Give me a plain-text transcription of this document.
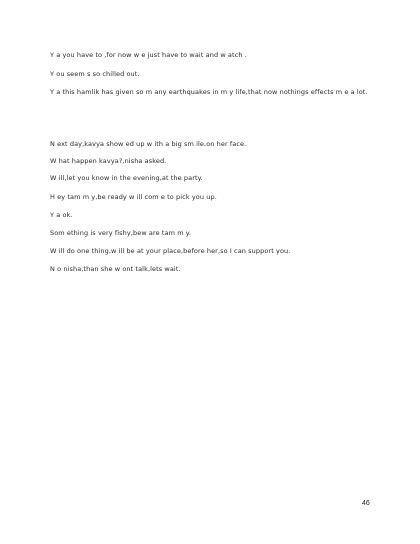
Y a you have to ,for now w e just have to wait and w atch .
Y ou seem s so chilled out.
Y a this hamlik has given so m any earthquakes in m y life,that now nothings effects m e a lot.
N ext day,kavya show ed up w ith a big sm ile,on her face.
W hat happen kavya?,nisha asked.
W ill,let you know in the evening,at the party.
H ey tam m y,be ready w ill com e to pick you up.
Y a ok.
Som ething is very fishy,bew are tam m y.
W ill do one thing,w ill be at your place,before her,so I can support you.
N o nisha,than she w ont talk,lets wait.
46
